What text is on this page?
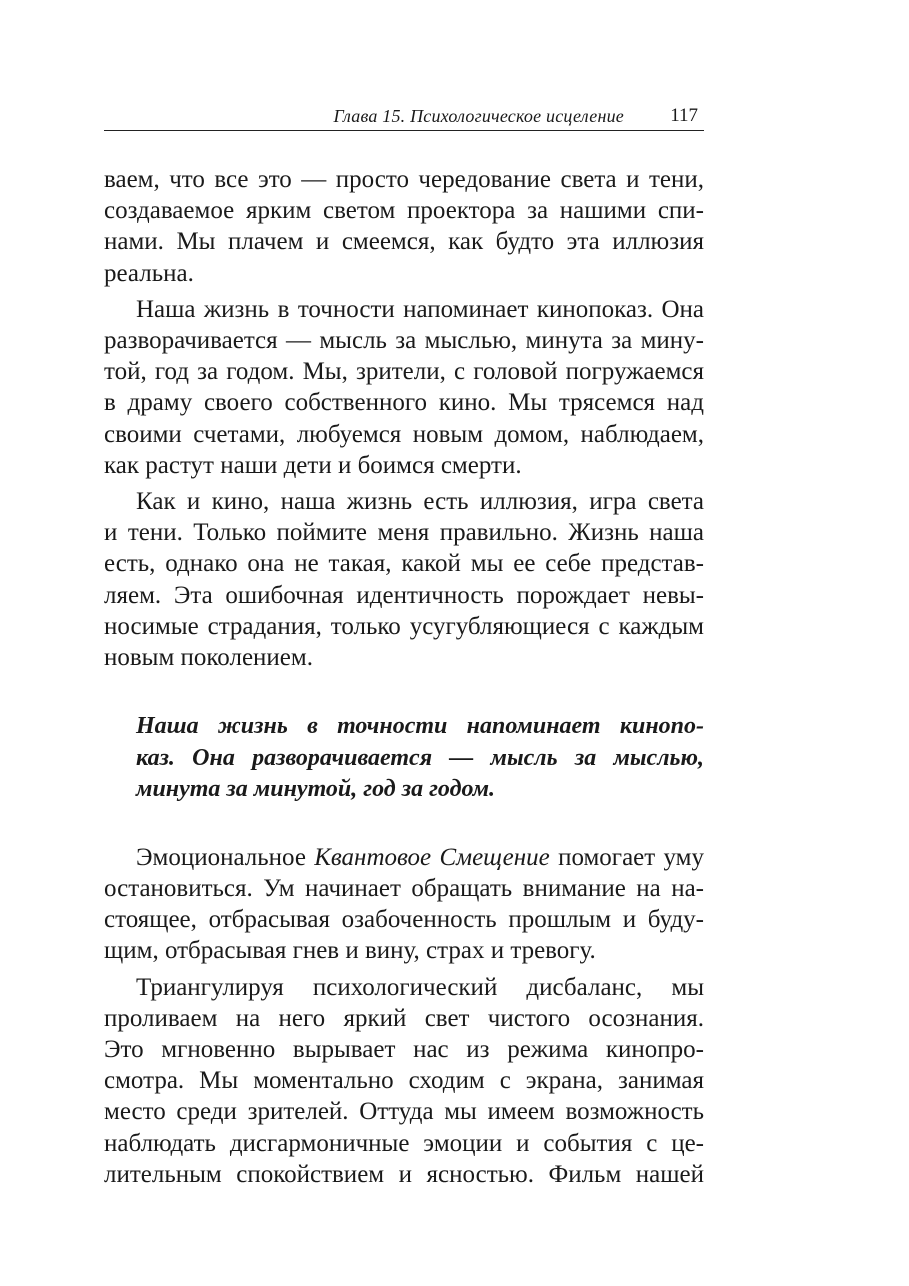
Глава 15. Психологическое исцеление 117
ваем, что все это — просто чередование света и тени,
создаваемое ярким светом проектора за нашими спи-
нами. Мы плачем и смеемся, как будто эта иллюзия
реальна.
Наша жизнь в точности напоминает кинопоказ. Она
разворачивается — мысль за мыслью, минута за мину-
той, год за годом. Мы, зрители, с головой погружаемся
в драму своего собственного кино. Мы трясемся над
своими счетами, любуемся новым домом, наблюдаем,
как растут наши дети и боимся смерти.
Как и кино, наша жизнь есть иллюзия, игра света
и тени. Только поймите меня правильно. Жизнь наша
есть, однако она не такая, какой мы ее себе представ-
ляем. Эта ошибочная идентичность порождает невы-
носимые страдания, только усугубляющиеся с каждым
новым поколением.
Наша жизнь в точности напоминает кинопо-
каз. Она разворачивается — мысль за мыслью,
минута за минутой, год за годом.
Эмоциональное Квантовое Смещение помогает уму
остановиться. Ум начинает обращать внимание на на-
стоящее, отбрасывая озабоченность прошлым и буду-
щим, отбрасывая гнев и вину, страх и тревогу.
Триангулируя психологический дисбаланс, мы
проливаем на него яркий свет чистого осознания.
Это мгновенно вырывает нас из режима кинопро-
смотра. Мы моментально сходим с экрана, занимая
место среди зрителей. Оттуда мы имеем возможность
наблюдать дисгармоничные эмоции и события с це-
лительным спокойствием и ясностью. Фильм нашей
